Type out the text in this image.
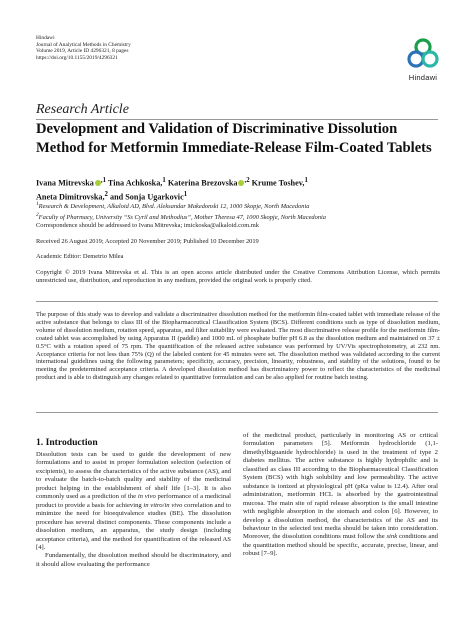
Hindawi
Journal of Analytical Methods in Chemistry
Volume 2019, Article ID 4296321, 8 pages
https://doi.org/10.1155/2019/4296321
Hindawi
Research Article
Development and Validation of Discriminative Dissolution Method for Metformin Immediate-Release Film-Coated Tablets
Ivana Mitrevska $^{,1}$ Tina Achkoska,$^1$ Katerina Brezovska $^{,2}$ Krume Toshev,$^1$
Aneta Dimitrovska,$^2$ and Sonja Ugarkovic$^1$
$^1$Research & Development, Alkaloid AD, Blvd. Aleksandar Makedonski 12, 1000 Skopje, North Macedonia
$^2$Faculty of Pharmacy, University “Ss Cyril and Methodius”, Mother Theresa 47, 1000 Skopje, North Macedonia
Correspondence should be addressed to Ivana Mitrevska; imickoska@alkaloid.com.mk
Received 26 August 2019; Accepted 20 November 2019; Published 10 December 2019
Academic Editor: Demetrio Milea
Copyright © 2019 Ivana Mitrevska et al. This is an open access article distributed under the Creative Commons Attribution License, which permits unrestricted use, distribution, and reproduction in any medium, provided the original work is properly cited.
The purpose of this study was to develop and validate a discriminative dissolution method for the metformin film-coated tablet with immediate release of the active substance that belongs to class III of the Biopharmaceutical Classification System (BCS). Different conditions such as type of dissolution medium, volume of dissolution medium, rotation speed, apparatus, and filter suitability were evaluated. The most discriminative release profile for the metformin film-coated tablet was accomplished by using Apparatus II (paddle) and 1000 mL of phosphate buffer pH 6.8 as the dissolution medium and maintained on 37 ± 0.5°C with a rotation speed of 75 rpm. The quantification of the released active substance was performed by UV/Vis spectrophotometry, at 232 nm. Acceptance criteria for not less than 75% (Q) of the labeled content for 45 minutes were set. The dissolution method was validated according to the current international guidelines using the following parameters; specificity, accuracy, precision, linearity, robustness, and stability of the solutions, found to be meeting the predetermined acceptance criteria. A developed dissolution method has discriminatory power to reflect the characteristics of the medicinal product and is able to distinguish any changes related to quantitative formulation and can be also applied for routine batch testing.
1. Introduction

Dissolution tests can be used to guide the development of new formulations and to assist in proper formulation selection (selection of excipients), to assess the characteristics of the active substance (AS), and to evaluate the batch-to-batch quality and stability of the medicinal product helping in the establishment of shelf life [1–3]. It is also commonly used as a prediction of the in vivo performance of a medicinal product to provide a basis for achieving in vitro/in vivo correlation and to minimize the need for bioequivalence studies (BE). The dissolution procedure has several distinct components. These components include a dissolution medium, an apparatus, the study design (including acceptance criteria), and the method for quantification of the released AS [4].

Fundamentally, the dissolution method should be discriminatory, and it should allow evaluating the performance

of the medicinal product, particularly in monitoring AS or critical formulation parameters [5]. Metformin hydrochloride (1,1-dimethylbiguanide hydrochloride) is used in the treatment of type 2 diabetes mellitus. The active substance is highly hydrophilic and is classified as class III according to the Biopharmaceutical Classification System (BCS) with high solubility and low permeability. The active substance is ionized at physiological pH (pKa value is 12.4). After oral administration, metformin HCL is absorbed by the gastrointestinal mucosa. The main site of rapid release absorption is the small intestine with negligible absorption in the stomach and colon [6]. However, to develop a dissolution method, the characteristics of the AS and its behaviour in the selected test media should be taken into consideration. Moreover, the dissolution conditions must follow the sink conditions and the quantitation method should be specific, accurate, precise, linear, and robust [7–9].
